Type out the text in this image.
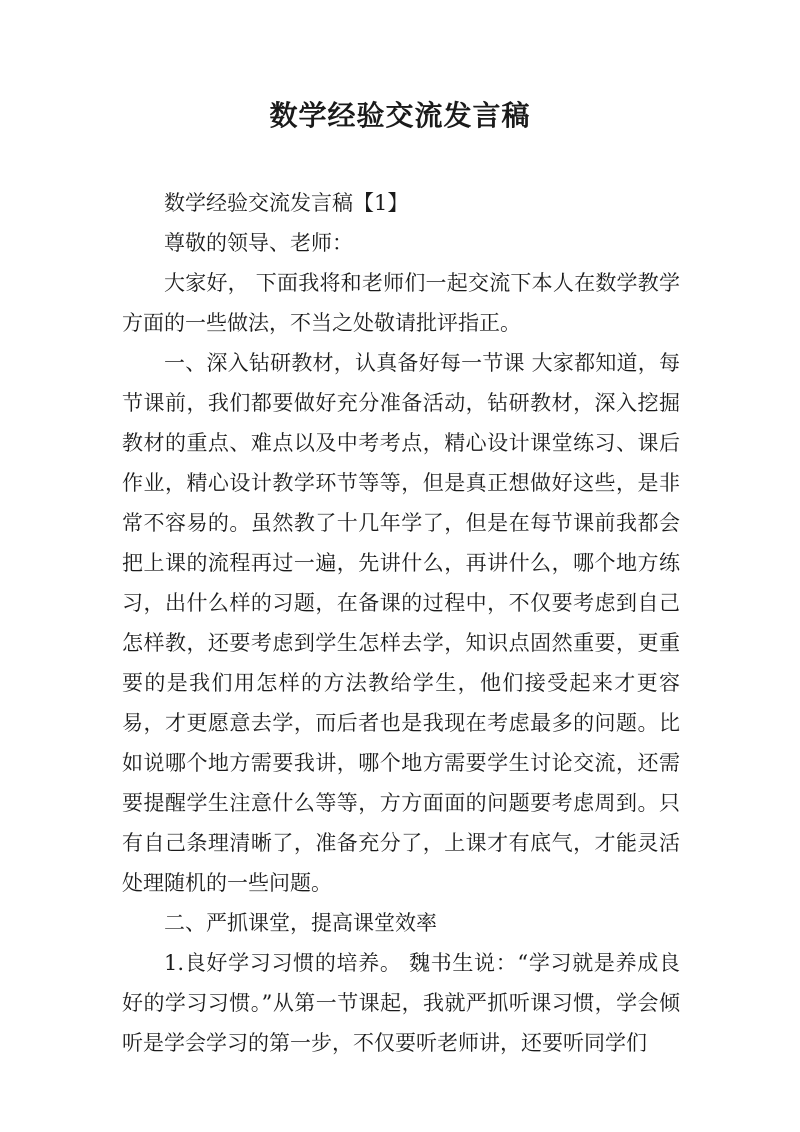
数学经验交流发言稿

数学经验交流发言稿【1】

尊敬的领导、老师：

大家好， 下面我将和老师们一起交流下本人在数学教学方面的一些做法，不当之处敬请批评指正。

一、深入钻研教材，认真备好每一节课 大家都知道，每节课前，我们都要做好充分准备活动，钻研教材，深入挖掘教材的重点、难点以及中考考点，精心设计课堂练习、课后作业，精心设计教学环节等等，但是真正想做好这些，是非常不容易的。虽然教了十几年学了，但是在每节课前我都会把上课的流程再过一遍，先讲什么，再讲什么，哪个地方练习，出什么样的习题，在备课的过程中，不仅要考虑到自己怎样教，还要考虑到学生怎样去学，知识点固然重要，更重要的是我们用怎样的方法教给学生，他们接受起来才更容易，才更愿意去学，而后者也是我现在考虑最多的问题。比如说哪个地方需要我讲，哪个地方需要学生讨论交流，还需要提醒学生注意什么等等，方方面面的问题要考虑周到。只有自己条理清晰了，准备充分了，上课才有底气，才能灵活处理随机的一些问题。

二、严抓课堂，提高课堂效率

1.良好学习习惯的培养。 魏书生说：“学习就是养成良好的学习习惯。”从第一节课起，我就严抓听课习惯，学会倾听是学会学习的第一步，不仅要听老师讲，还要听同学们
